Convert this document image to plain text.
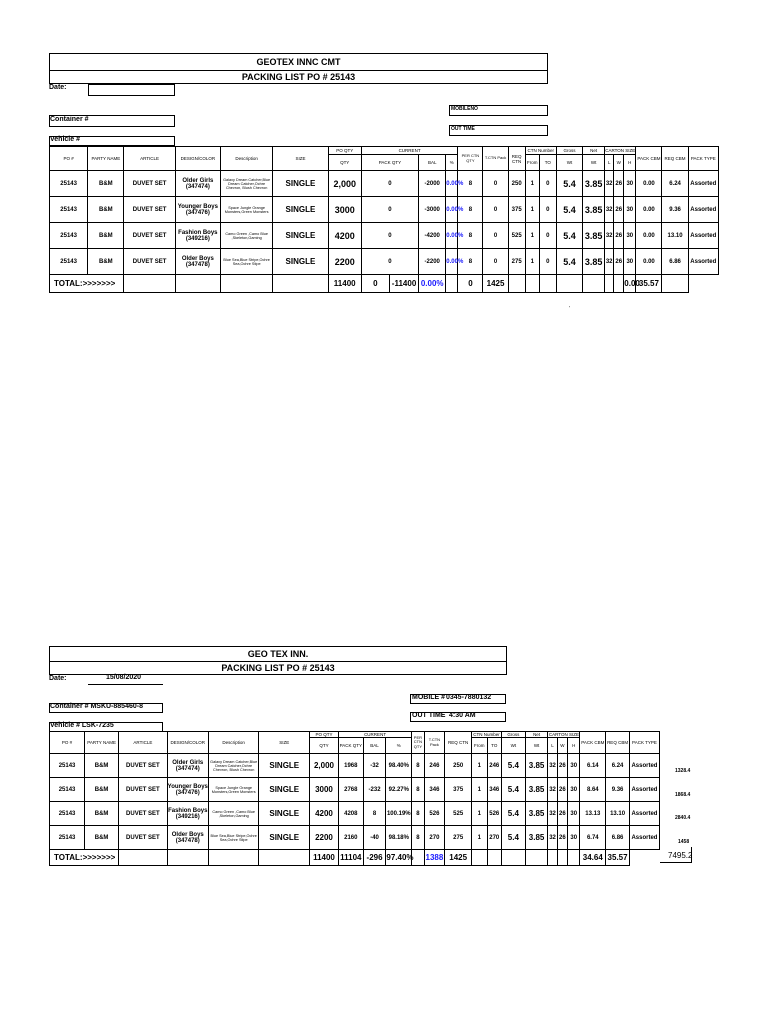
GEOTEX INNC CMT
PACKING LIST PO # 25143
Date:
MOBILENO
Container #
OUT TIME
Vehicle #
PO #	PARTY NAME	ARTICLE	DESIGN/COLOR	Description	SIZE	PO QTY	CURRENT				PER CTN QTY	T.CTN Pack	REQ CTN	CTN Number		Gross	Net	CARTON SIZE			PACK CBM	REQ CBM	PACK TYPE
						QTY	PACK QTY		BAL	%				From	TO	Wt	Wt	L	W	H			
25143	B&M	DUVET SET	Older Girls (347474)	Galaxy Dream Catcher,Blue Dream Catcher,Ochre Chevron, Blush Chevron	SINGLE	2,000	0		-2000	0.00%	8	0	250	1	0	5.4	3.85	32	26	30	0.00	6.24	Assorted
25143	B&M	DUVET SET	Younger Boys (347476)	Space Jungle Orange Monsters,Green Monsters	SINGLE	3000	0		-3000	0.00%	8	0	375	1	0	5.4	3.85	32	26	30	0.00	9.36	Assorted
25143	B&M	DUVET SET	Fashion Boys (349216)	Camo Green ,Camo Blue ,Skeleton,Gaming	SINGLE	4200	0		-4200	0.00%	8	0	525	1	0	5.4	3.85	32	26	30	0.00	13.10	Assorted
25143	B&M	DUVET SET	Older Boys (347478)	Blue Sea,Blue Stripe,Ochre Sea,Ochre Stipe	SINGLE	2200	0		-2200	0.00%	8	0	275	1	0	5.4	3.85	32	26	30	0.00	6.86	Assorted
TOTAL:>>>>>>>						11400	0	-11400	0.00%		0	1425								0.00	35.57		
'
GEO TEX INN.
PACKING LIST PO # 25143
Date:	15/08/2020
MOBILE # 0345-7880132
Container # MSKU-885460-8
OUT TIME 4:30 AM
Vehicle # LSK-7235
PO #	PARTY NAME	ARTICLE	DESIGN/COLOR	Description	SIZE	PO QTY	CURRENT			PER CTN QTY	T.CTN Pack	REQ CTN	CTN Number		Gross	Net	CARTON SIZE			PACK CBM	REQ CBM	PACK TYPE
						QTY	PACK QTY	BAL	%				From	TO	Wt	Wt	L	W	H			
25143	B&M	DUVET SET	Older Girls (347474)	Galaxy Dream Catcher,Blue Dream Catcher,Ochre Chevron, Blush Chevron	SINGLE	2,000	1968	-32	98.40%	8	246	250	1	246	5.4	3.85	32	26	30	6.14	6.24	Assorted
25143	B&M	DUVET SET	Younger Boys (347476)	Space Jungle Orange Monsters,Green Monsters	SINGLE	3000	2768	-232	92.27%	8	346	375	1	346	5.4	3.85	32	26	30	8.64	9.36	Assorted
25143	B&M	DUVET SET	Fashion Boys (349216)	Camo Green ,Camo Blue ,Skeleton,Gaming	SINGLE	4200	4208	8	100.19%	8	526	525	1	526	5.4	3.85	32	26	30	13.13	13.10	Assorted
25143	B&M	DUVET SET	Older Boys (347478)	Blue Sea,Blue Stripe,Ochre Sea,Ochre Stipe	SINGLE	2200	2160	-40	98.18%	8	270	275	1	270	5.4	3.85	32	26	30	6.74	6.86	Assorted
TOTAL:>>>>>>>						11400	11104	-296	97.40%		1388	1425								34.64	35.57	
1328.4
1868.4
2840.4
1458
7495.2
